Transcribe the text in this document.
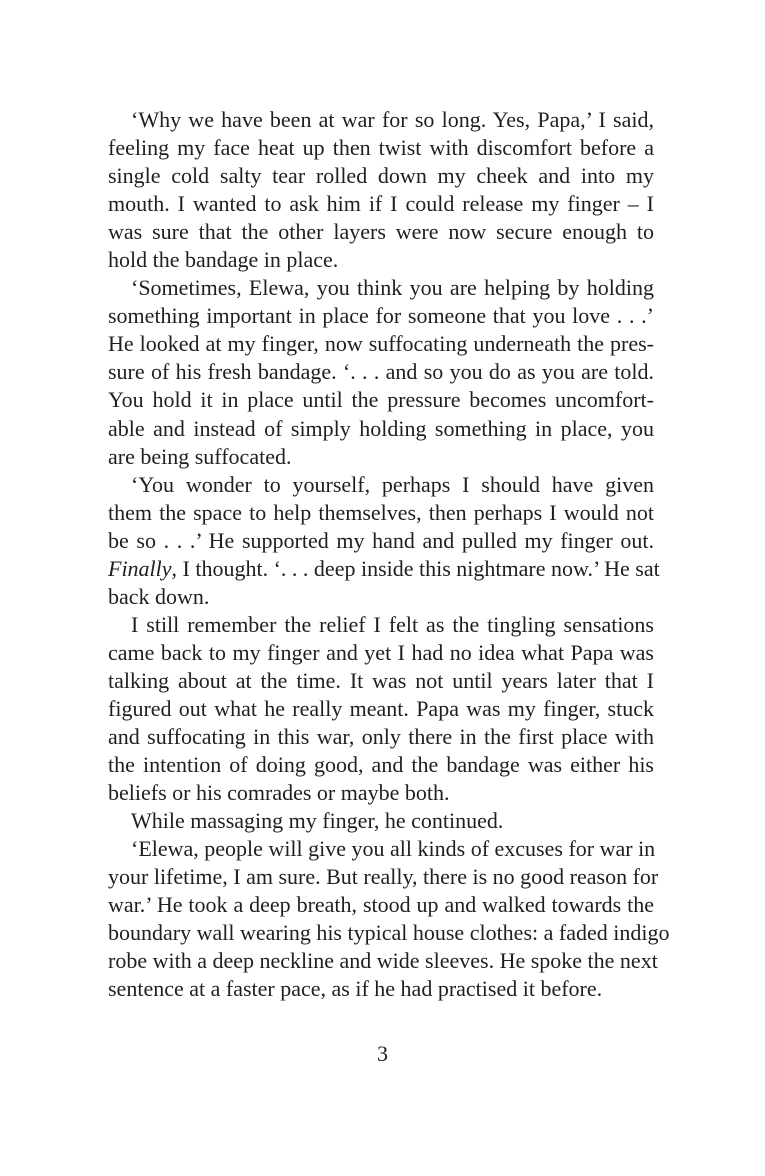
‘Why we have been at war for so long. Yes, Papa,’ I said,
feeling my face heat up then twist with discomfort before a
single cold salty tear rolled down my cheek and into my
mouth. I wanted to ask him if I could release my finger – I
was sure that the other layers were now secure enough to
hold the bandage in place.

‘Sometimes, Elewa, you think you are helping by holding
something important in place for someone that you love . . .’
He looked at my finger, now suffocating underneath the pres-
sure of his fresh bandage. ‘. . . and so you do as you are told.
You hold it in place until the pressure becomes uncomfort-
able and instead of simply holding something in place, you
are being suffocated.

‘You wonder to yourself, perhaps I should have given
them the space to help themselves, then perhaps I would not
be so . . .’ He supported my hand and pulled my finger out.
Finally, I thought. ‘. . . deep inside this nightmare now.’ He sat
back down.

I still remember the relief I felt as the tingling sensations
came back to my finger and yet I had no idea what Papa was
talking about at the time. It was not until years later that I
figured out what he really meant. Papa was my finger, stuck
and suffocating in this war, only there in the first place with
the intention of doing good, and the bandage was either his
beliefs or his comrades or maybe both.

While massaging my finger, he continued.

‘Elewa, people will give you all kinds of excuses for war in
your lifetime, I am sure. But really, there is no good reason for
war.’ He took a deep breath, stood up and walked towards the
boundary wall wearing his typical house clothes: a faded indigo
robe with a deep neckline and wide sleeves. He spoke the next
sentence at a faster pace, as if he had practised it before.

3
